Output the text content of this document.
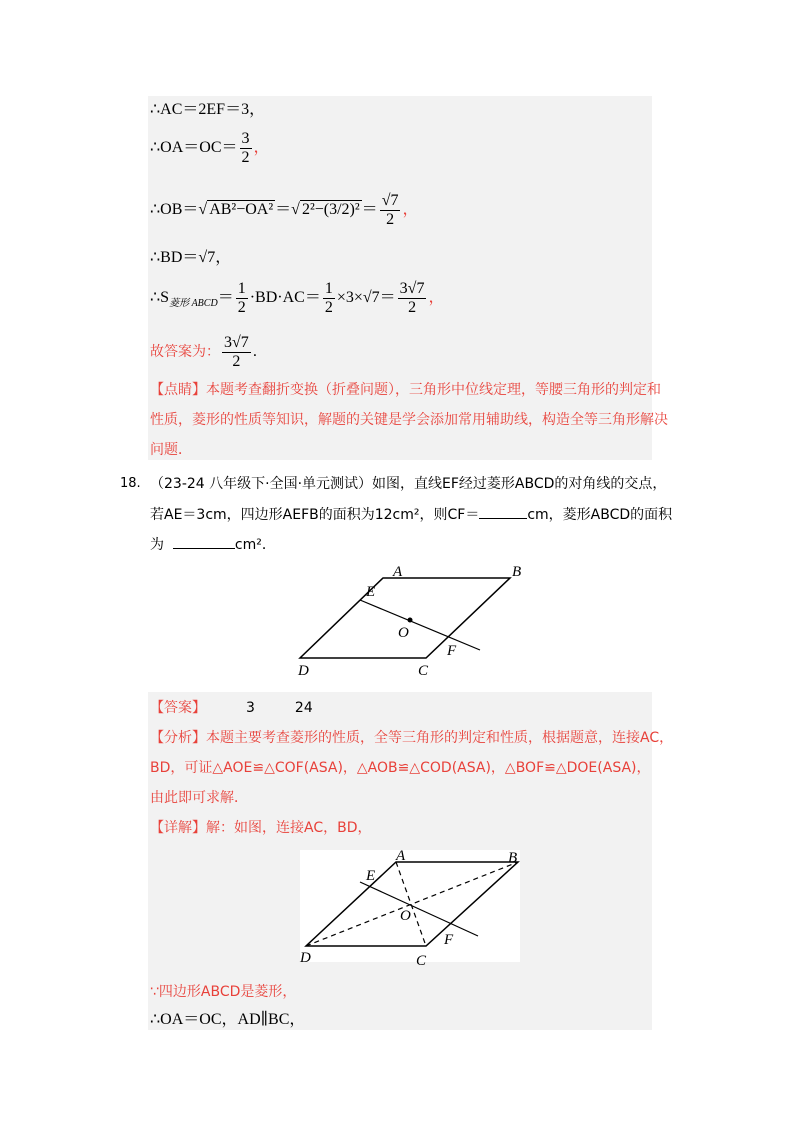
∴AC＝2EF＝3，
∴OA＝OC＝ $\frac{3}{2}$ ，
∴OB＝√ AB²−OA² ＝√ $2^2-(3/2)^2 = \frac{√7}{2}$ ，
∴BD＝√7，
$\therefore S_{菱形 ABCD}= \frac{1}{2} \cdot BD\cdot AC= \frac{1}{2} \times 3\times√7= \frac{3√7}{2}$ ，
故答案为： $\frac{3√7}{2}$ ．
【点睛】本题考查翻折变换（折叠问题），三角形中位线定理，等腰三角形的判定和
性质，菱形的性质等知识，解题的关键是学会添加常用辅助线，构造全等三角形解决
问题．
18. （23-24 八年级下·全国·单元测试）如图，直线EF经过菱形ABCD的对角线的交点，
若AE＝3cm，四边形AEFB的面积为12cm²，则CF＝	cm，菱形ABCD的面积
为	cm²．
A	B
C
D
E
F
O
【答案】	3	24
【分析】本题主要考查菱形的性质，全等三角形的判定和性质，根据题意，连接AC，
BD，可证△AOE≌△COF(ASA)，△AOB≌△COD(ASA)，△BOF≌△DOE(ASA)，
由此即可求解．
【详解】解：如图，连接AC，BD，
A	B
C
D
E
F
O
∵四边形ABCD是菱形，
∴OA＝OC，AD∥BC，
